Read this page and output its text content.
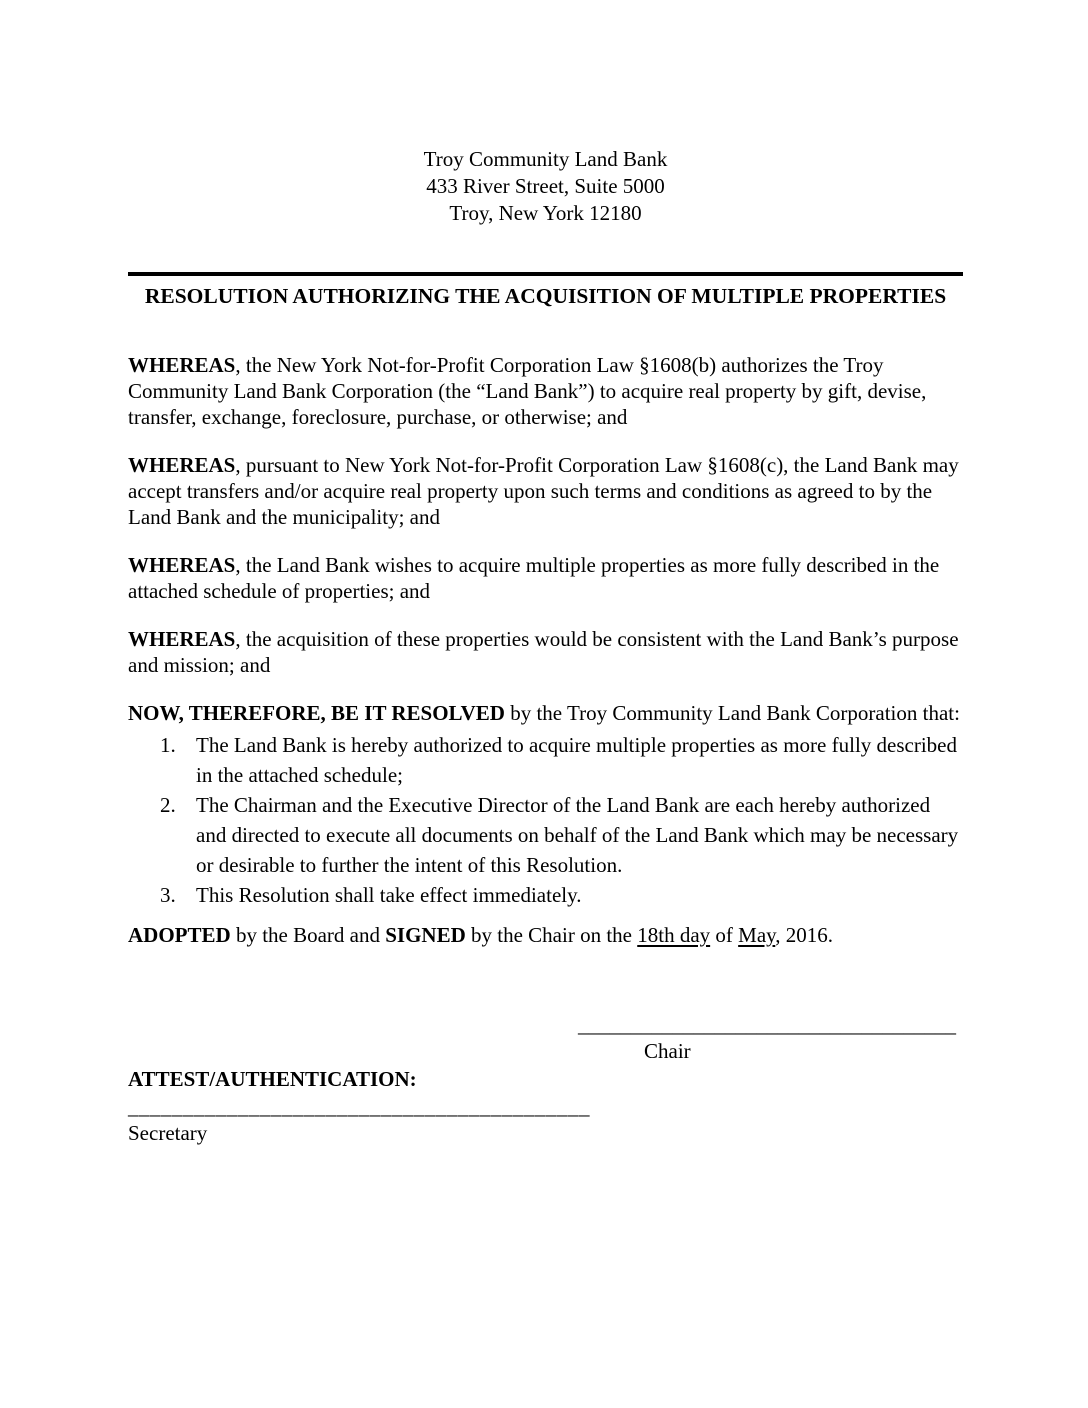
Troy Community Land Bank
433 River Street, Suite 5000
Troy, New York 12180
RESOLUTION AUTHORIZING THE ACQUISITION OF MULTIPLE PROPERTIES

WHEREAS, the New York Not-for-Profit Corporation Law §1608(b) authorizes the Troy Community Land Bank Corporation (the “Land Bank”) to acquire real property by gift, devise, transfer, exchange, foreclosure, purchase, or otherwise; and

WHEREAS, pursuant to New York Not-for-Profit Corporation Law §1608(c), the Land Bank may accept transfers and/or acquire real property upon such terms and conditions as agreed to by the Land Bank and the municipality; and

WHEREAS, the Land Bank wishes to acquire multiple properties as more fully described in the attached schedule of properties; and

WHEREAS, the acquisition of these properties would be consistent with the Land Bank’s purpose and mission; and

NOW, THEREFORE, BE IT RESOLVED by the Troy Community Land Bank Corporation that:

1. The Land Bank is hereby authorized to acquire multiple properties as more fully described in the attached schedule;
2. The Chairman and the Executive Director of the Land Bank are each hereby authorized and directed to execute all documents on behalf of the Land Bank which may be necessary or desirable to further the intent of this Resolution.
3. This Resolution shall take effect immediately.

ADOPTED by the Board and SIGNED by the Chair on the 18th day of May, 2016.

____________________________________
Chair
ATTEST/AUTHENTICATION:
__________________________________________
Secretary
